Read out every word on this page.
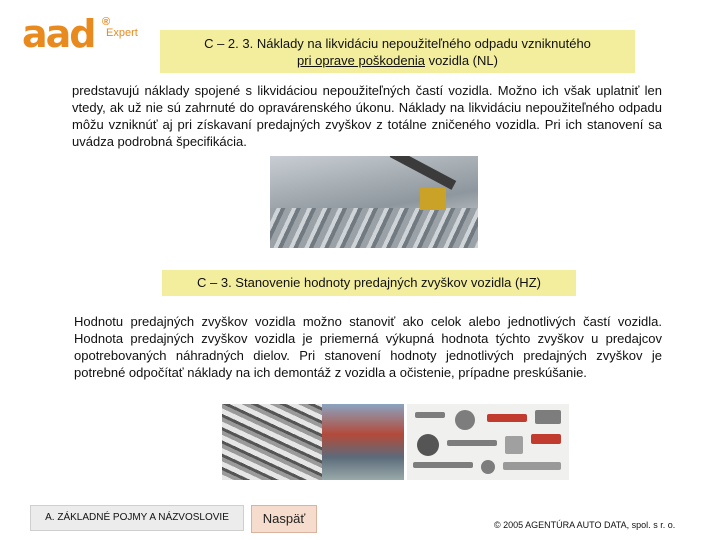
aad ®
Expert
C – 2. 3. Náklady na likvidáciu nepoužiteľného odpadu vzniknutého
pri oprave poškodenia vozidla (NL)
predstavujú náklady spojené s likvidáciou nepoužiteľných častí vozidla. Možno ich však uplatniť len vtedy, ak už nie sú zahrnuté do opravárenského úkonu. Náklady na likvidáciu nepoužiteľného odpadu môžu vzniknúť aj pri získavaní predajných zvyškov z totálne zničeného vozidla. Pri ich stanovení sa uvádza podrobná špecifikácia.
C – 3. Stanovenie hodnoty predajných zvyškov vozidla (HZ)
Hodnotu predajných zvyškov vozidla možno stanoviť ako celok alebo jednotlivých častí vozidla. Hodnota predajných zvyškov vozidla je priemerná výkupná hodnota týchto zvyškov u predajcov opotrebovaných náhradných dielov. Pri stanovení hodnoty jednotlivých predajných zvyškov je potrebné odpočítať náklady na ich demontáž z vozidla a očistenie, prípadne preskúšanie.
A. ZÁKLADNÉ POJMY A NÁZVOSLOVIE	Naspäť	© 2005 AGENTÚRA AUTO DATA, spol. s r. o.
